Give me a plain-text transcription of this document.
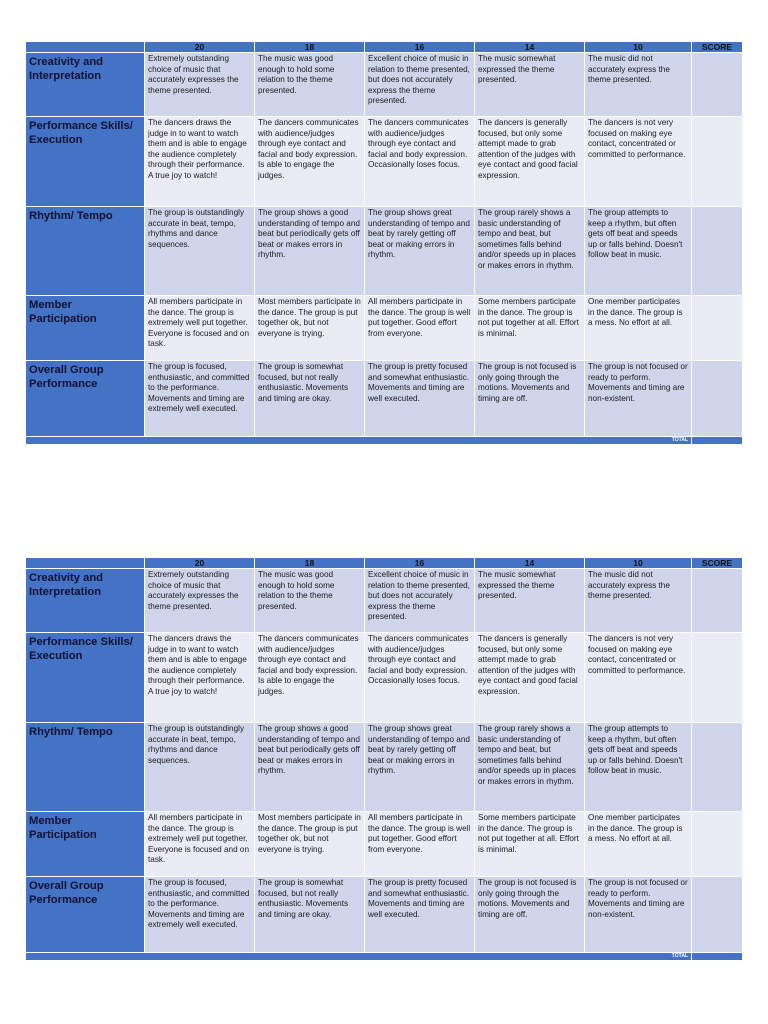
	20	18	16	14	10	SCORE
Creativity and Interpretation	Extremely outstanding choice of music that accurately expresses the theme presented.	The music was good enough to hold some relation to the theme presented.	Excellent choice of music in relation to theme presented, but does not accurately express the theme presented.	The music somewhat expressed the theme presented.	The music did not accurately express the theme presented.	
Performance Skills/ Execution	The dancers draws the judge in to want to watch them and is able to engage the audience completely through their performance. A true joy to watch!	The dancers communicates with audience/judges through eye contact and facial and body expression. Is able to engage the judges.	The dancers communicates with audience/judges through eye contact and facial and body expression. Occasionally loses focus.	The dancers is generally focused, but only some attempt made to grab attention of the judges with eye contact and good facial expression.	The dancers is not very focused on making eye contact, concentrated or committed to performance.	
Rhythm/ Tempo	The group is outstandingly accurate in beat, tempo, rhythms and dance sequences.	The group shows a good understanding of tempo and beat but periodically gets off beat or makes errors in rhythm.	The group shows great understanding of tempo and beat by rarely getting off beat or making errors in rhythm.	The group rarely shows a basic understanding of tempo and beat, but sometimes falls behind and/or speeds up in places or makes errors in rhythm.	The group attempts to keep a rhythm, but often gets off beat and speeds up or falls behind. Doesn't follow beat in music.	
Member Participation	All members participate in the dance. The group is extremely well put together. Everyone is focused and on task.	Most members participate in the dance. The group is put together ok, but not everyone is trying.	All members participate in the dance. The group is well put together. Good effort from everyone.	Some members participate in the dance. The group is not put together at all. Effort is minimal.	One member participates in the dance. The group is a mess. No effort at all.	
Overall Group Performance	The group is focused, enthusiastic, and committed to the performance. Movements and timing are extremely well executed.	The group is somewhat focused, but not really enthusiastic. Movements and timing are okay.	The group is pretty focused and somewhat enthusiastic. Movements and timing are well executed.	The group is not focused is only going through the motions. Movements and timing are off.	The group is not focused or ready to perform. Movements and timing are non-existent.	
TOTAL						
	20	18	16	14	10	SCORE
Creativity and Interpretation	Extremely outstanding choice of music that accurately expresses the theme presented.	The music was good enough to hold some relation to the theme presented.	Excellent choice of music in relation to theme presented, but does not accurately express the theme presented.	The music somewhat expressed the theme presented.	The music did not accurately express the theme presented.	
Performance Skills/ Execution	The dancers draws the judge in to want to watch them and is able to engage the audience completely through their performance. A true joy to watch!	The dancers communicates with audience/judges through eye contact and facial and body expression. Is able to engage the judges.	The dancers communicates with audience/judges through eye contact and facial and body expression. Occasionally loses focus.	The dancers is generally focused, but only some attempt made to grab attention of the judges with eye contact and good facial expression.	The dancers is not very focused on making eye contact, concentrated or committed to performance.	
Rhythm/ Tempo	The group is outstandingly accurate in beat, tempo, rhythms and dance sequences.	The group shows a good understanding of tempo and beat but periodically gets off beat or makes errors in rhythm.	The group shows great understanding of tempo and beat by rarely getting off beat or making errors in rhythm.	The group rarely shows a basic understanding of tempo and beat, but sometimes falls behind and/or speeds up in places or makes errors in rhythm.	The group attempts to keep a rhythm, but often gets off beat and speeds up or falls behind. Doesn't follow beat in music.	
Member Participation	All members participate in the dance. The group is extremely well put together. Everyone is focused and on task.	Most members participate in the dance. The group is put together ok, but not everyone is trying.	All members participate in the dance. The group is well put together. Good effort from everyone.	Some members participate in the dance. The group is not put together at all. Effort is minimal.	One member participates in the dance. The group is a mess. No effort at all.	
Overall Group Performance	The group is focused, enthusiastic, and committed to the performance. Movements and timing are extremely well executed.	The group is somewhat focused, but not really enthusiastic. Movements and timing are okay.	The group is pretty focused and somewhat enthusiastic. Movements and timing are well executed.	The group is not focused is only going through the motions. Movements and timing are off.	The group is not focused or ready to perform. Movements and timing are non-existent.	
TOTAL						
